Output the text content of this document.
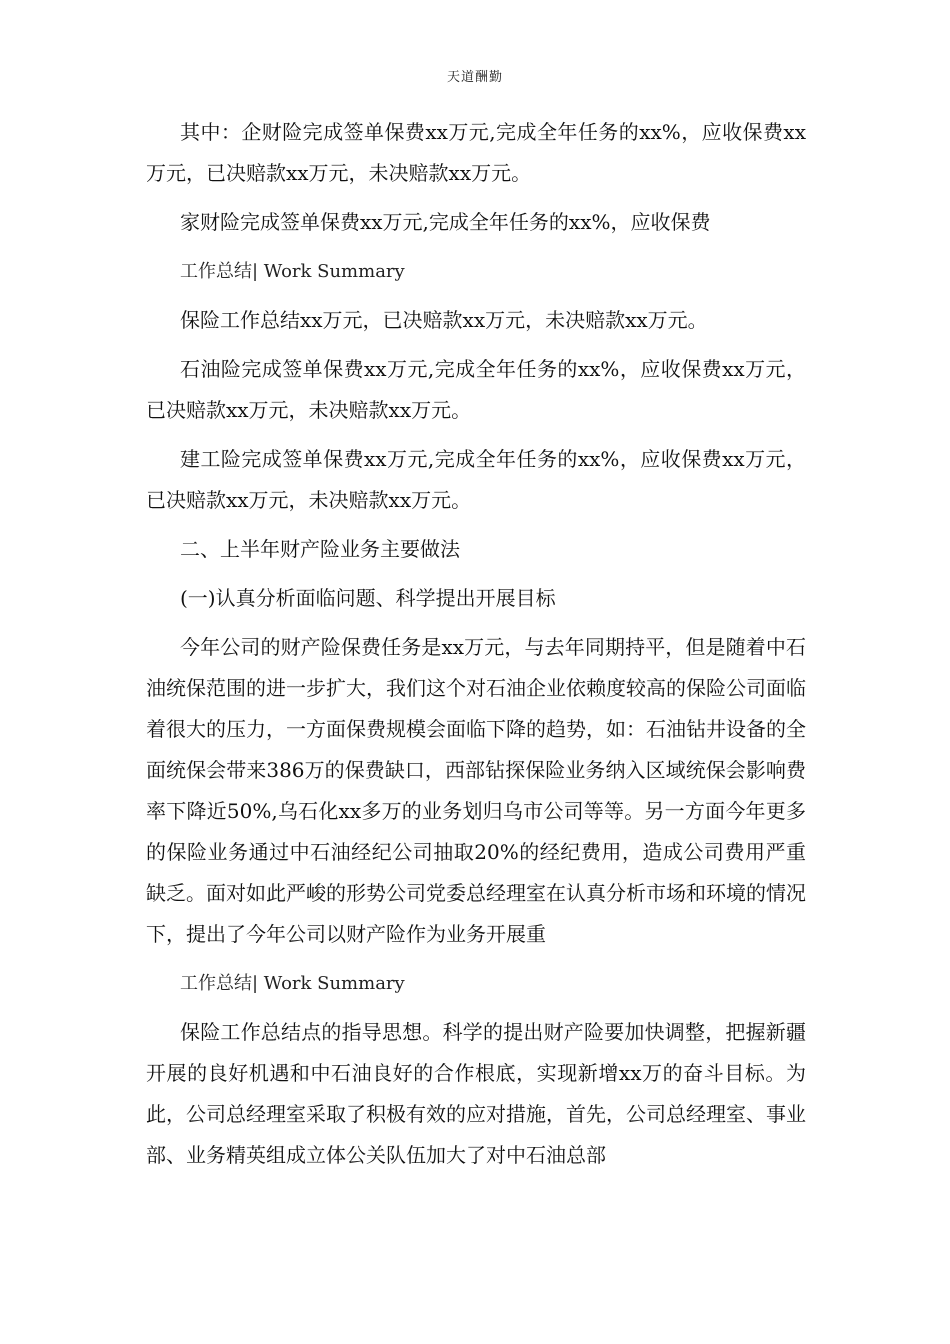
天道酬勤

其中：企财险完成签单保费xx万元,完成全年任务的xx%，应收保费xx万元，已决赔款xx万元，未决赔款xx万元。

家财险完成签单保费xx万元,完成全年任务的xx%，应收保费

工作总结| Work Summary

保险工作总结xx万元，已决赔款xx万元，未决赔款xx万元。

石油险完成签单保费xx万元,完成全年任务的xx%，应收保费xx万元，已决赔款xx万元，未决赔款xx万元。

建工险完成签单保费xx万元,完成全年任务的xx%，应收保费xx万元，已决赔款xx万元，未决赔款xx万元。

二、上半年财产险业务主要做法

(一)认真分析面临问题、科学提出开展目标

今年公司的财产险保费任务是xx万元，与去年同期持平，但是随着中石油统保范围的进一步扩大，我们这个对石油企业依赖度较高的保险公司面临着很大的压力，一方面保费规模会面临下降的趋势，如：石油钻井设备的全面统保会带来386万的保费缺口，西部钻探保险业务纳入区域统保会影响费率下降近50%,乌石化xx多万的业务划归乌市公司等等。另一方面今年更多的保险业务通过中石油经纪公司抽取20%的经纪费用，造成公司费用严重缺乏。面对如此严峻的形势公司党委总经理室在认真分析市场和环境的情况下，提出了今年公司以财产险作为业务开展重

工作总结| Work Summary

保险工作总结点的指导思想。科学的提出财产险要加快调整，把握新疆开展的良好机遇和中石油良好的合作根底，实现新增xx万的奋斗目标。为此，公司总经理室采取了积极有效的应对措施，首先，公司总经理室、事业部、业务精英组成立体公关队伍加大了对中石油总部
